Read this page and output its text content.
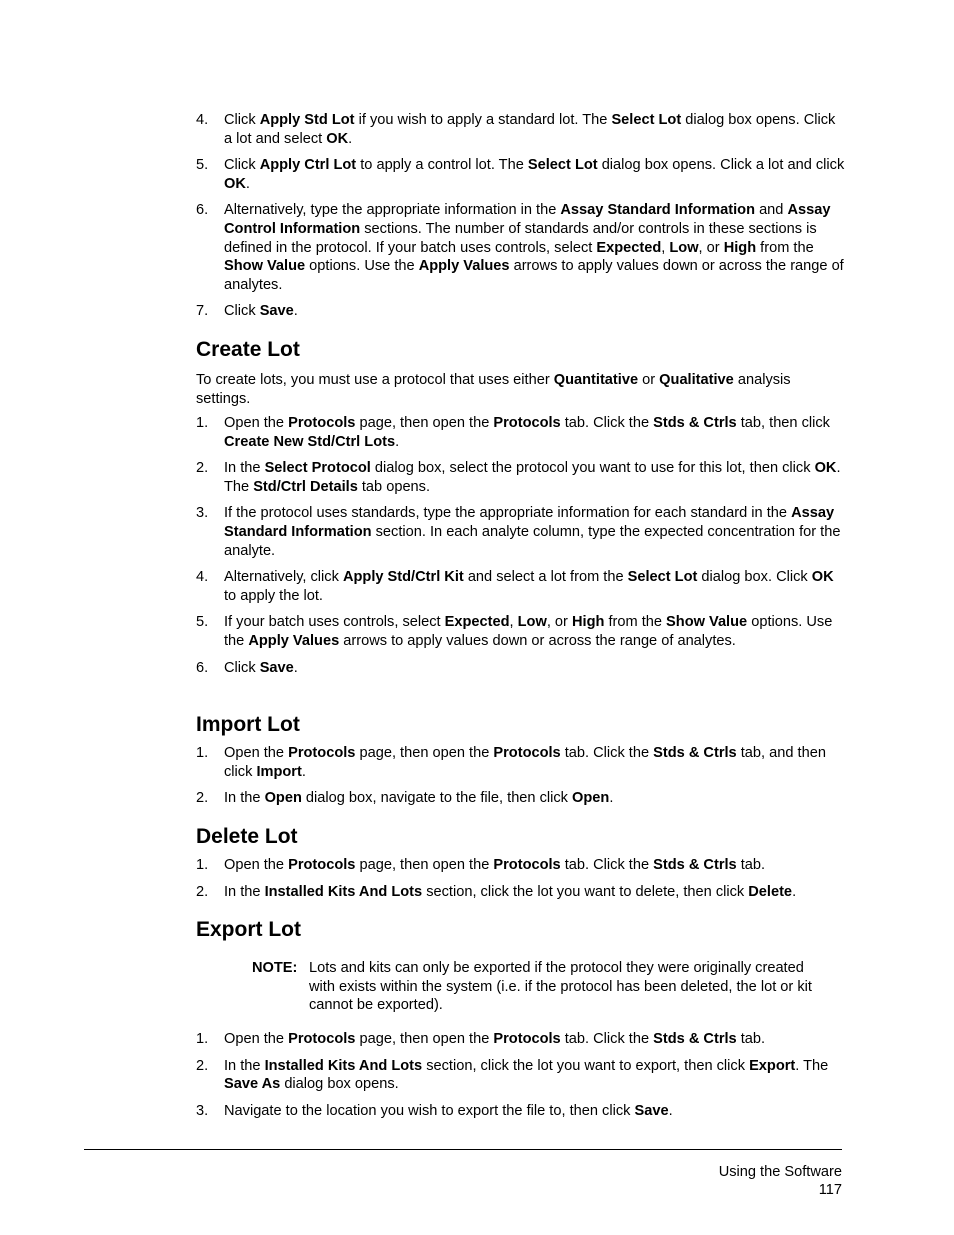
4. Click Apply Std Lot if you wish to apply a standard lot. The Select Lot dialog box opens. Click a lot and select OK.
5. Click Apply Ctrl Lot to apply a control lot. The Select Lot dialog box opens. Click a lot and click OK.
6. Alternatively, type the appropriate information in the Assay Standard Information and Assay Control Information sections. The number of standards and/or controls in these sections is defined in the protocol. If your batch uses controls, select Expected, Low, or High from the Show Value options. Use the Apply Values arrows to apply values down or across the range of analytes.
7. Click Save.
Create Lot

To create lots, you must use a protocol that uses either Quantitative or Qualitative analysis settings.

1. Open the Protocols page, then open the Protocols tab. Click the Stds & Ctrls tab, then click Create New Std/Ctrl Lots.
2. In the Select Protocol dialog box, select the protocol you want to use for this lot, then click OK. The Std/Ctrl Details tab opens.
3. If the protocol uses standards, type the appropriate information for each standard in the Assay Standard Information section. In each analyte column, type the expected concentration for the analyte.
4. Alternatively, click Apply Std/Ctrl Kit and select a lot from the Select Lot dialog box. Click OK to apply the lot.
5. If your batch uses controls, select Expected, Low, or High from the Show Value options. Use the Apply Values arrows to apply values down or across the range of analytes.
6. Click Save.
Import Lot
1. Open the Protocols page, then open the Protocols tab. Click the Stds & Ctrls tab, and then click Import.
2. In the Open dialog box, navigate to the file, then click Open.
Delete Lot
1. Open the Protocols page, then open the Protocols tab. Click the Stds & Ctrls tab.
2. In the Installed Kits And Lots section, click the lot you want to delete, then click Delete.
Export Lot
NOTE: Lots and kits can only be exported if the protocol they were originally created with exists within the system (i.e. if the protocol has been deleted, the lot or kit cannot be exported).
1. Open the Protocols page, then open the Protocols tab. Click the Stds & Ctrls tab.
2. In the Installed Kits And Lots section, click the lot you want to export, then click Export. The Save As dialog box opens.
3. Navigate to the location you wish to export the file to, then click Save.
Using the Software
117
